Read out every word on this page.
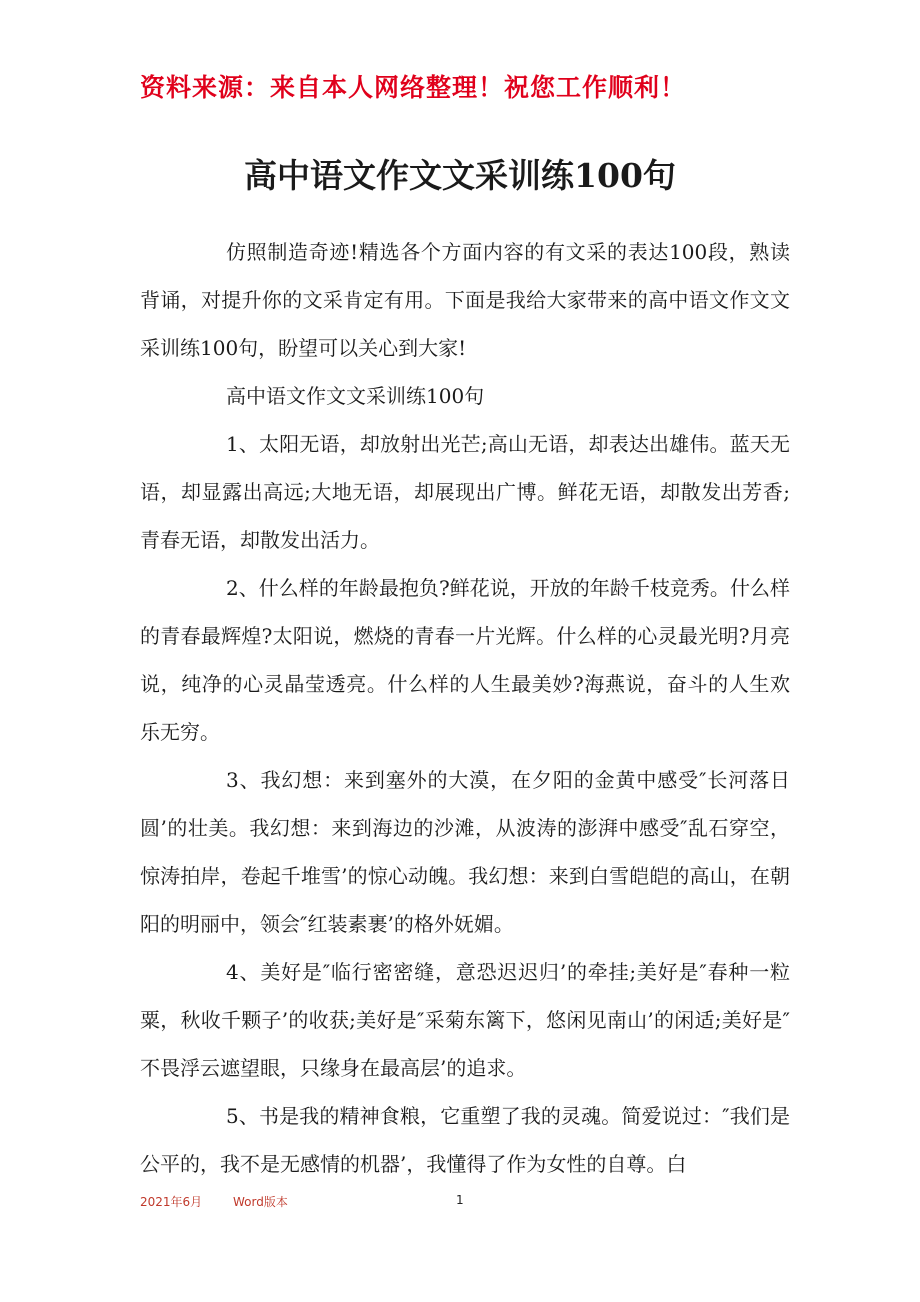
资料来源：来自本人网络整理！祝您工作顺利！
高中语文作文文采训练100句

仿照制造奇迹!精选各个方面内容的有文采的表达100段，熟读背诵，对提升你的文采肯定有用。下面是我给大家带来的高中语文作文文采训练100句，盼望可以关心到大家!

高中语文作文文采训练100句

1、太阳无语，却放射出光芒;高山无语，却表达出雄伟。蓝天无语，却显露出高远;大地无语，却展现出广博。鲜花无语，却散发出芳香;青春无语，却散发出活力。

2、什么样的年龄最抱负?鲜花说，开放的年龄千枝竞秀。什么样的青春最辉煌?太阳说，燃烧的青春一片光辉。什么样的心灵最光明?月亮说，纯净的心灵晶莹透亮。什么样的人生最美妙?海燕说，奋斗的人生欢乐无穷。

3、我幻想：来到塞外的大漠，在夕阳的金黄中感受″长河落日圆’的壮美。我幻想：来到海边的沙滩，从波涛的澎湃中感受″乱石穿空，惊涛拍岸，卷起千堆雪’的惊心动魄。我幻想：来到白雪皑皑的高山，在朝阳的明丽中，领会″红装素裹’的格外妩媚。

4、美好是″临行密密缝，意恐迟迟归’的牵挂;美好是″春种一粒粟，秋收千颗子’的收获;美好是″采菊东篱下，悠闲见南山’的闲适;美好是″不畏浮云遮望眼，只缘身在最高层’的追求。

5、书是我的精神食粮，它重塑了我的灵魂。简爱说过：″我们是公平的，我不是无感情的机器’，我懂得了作为女性的自尊。白

2021年6月	Word版本	1
